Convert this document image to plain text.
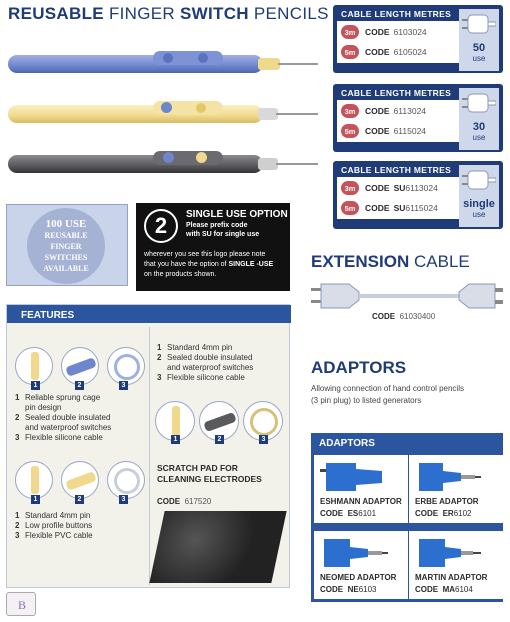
REUSABLE FINGER SWITCH PENCILS CABLE LENGTH METRES
3m	CODE 6103024
5m	CODE 6105024	50
use
CABLE LENGTH METRES
3m	CODE 6113024
5m	CODE 6115024	30
use
CABLE LENGTH METRES
3m	CODE SU 6113024
5m	CODE SU 6115024	single
use
100 USE
REUSABLE
FINGER
SWITCHES
AVAILABLE
2	SINGLE USE OPTION
Please prefix code
with SU for single use
wherever you see this logo please note
that you have the option of SINGLE -USE
on the products shown.
EXTENSION CABLE
CODE 61030400
ADAPTORS
Allowing connection of hand control pencils
(3 pin plug) to listed generators
FEATURES
1	2	3
1 Reliable sprung cage
pin design
2 Sealed double insulated
and waterproof switches
3 Flexible silicone cable
1	2	3
1 Standard 4mm pin
2 Low profile buttons
3 Flexible PVC cable
1 Standard 4mm pin
2 Sealed double insulated
and waterproof switches
3 Flexible silicone cable
1	2	3
SCRATCH PAD FOR
CLEANING ELECTRODES
CODE 617520
B
ADAPTORS
ESHMANN ADAPTOR
CODE ES6101
ERBE ADAPTOR
CODE ER6102
NEOMED ADAPTOR
CODE NE6103
MARTIN ADAPTOR
CODE MA6104
